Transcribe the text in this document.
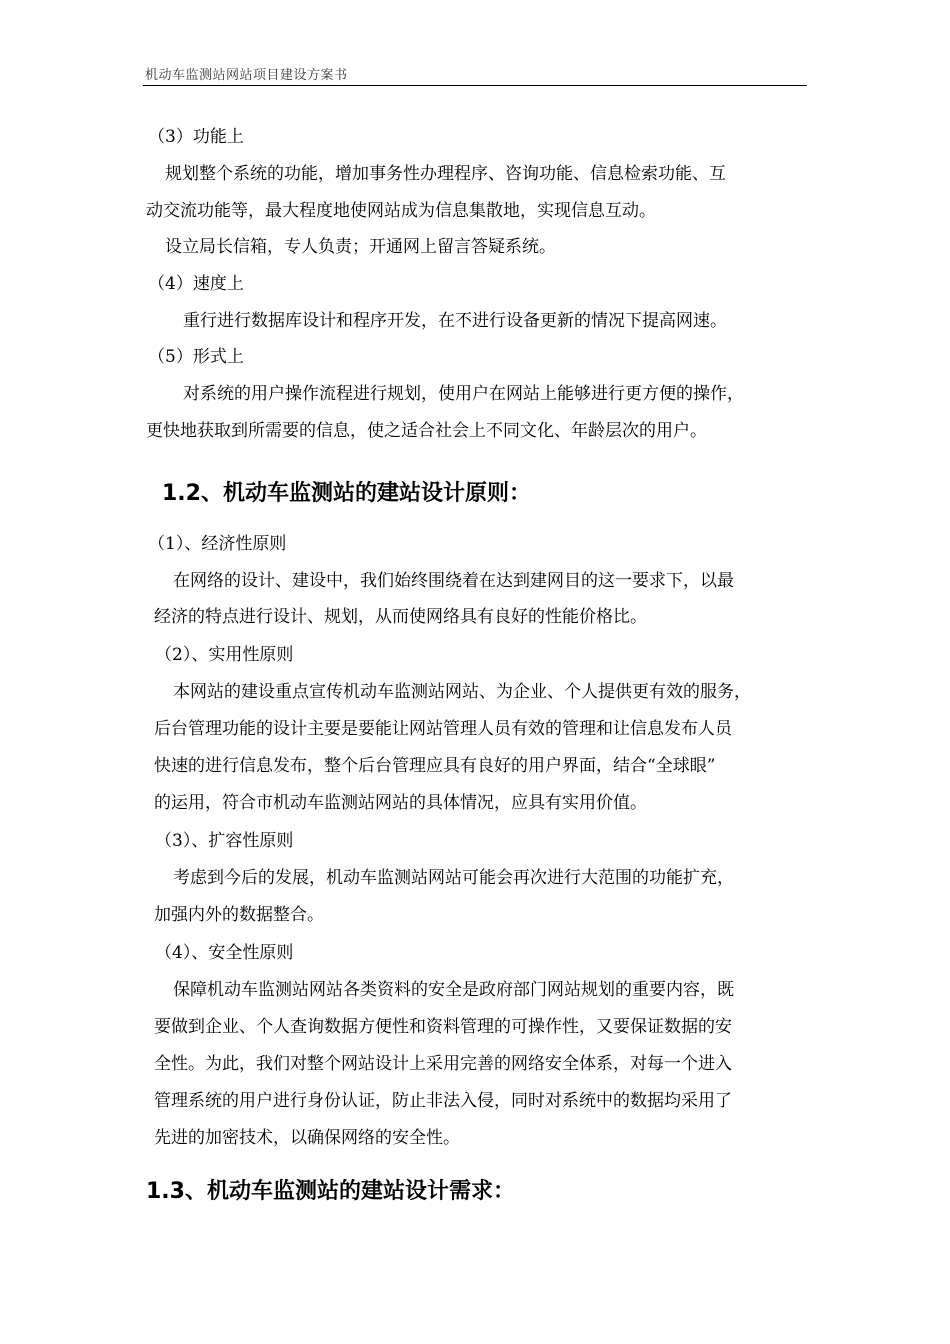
机动车监测站网站项目建设方案书
（3）功能上
规划整个系统的功能，增加事务性办理程序、咨询功能、信息检索功能、互
动交流功能等，最大程度地使网站成为信息集散地，实现信息互动。
设立局长信箱，专人负责；开通网上留言答疑系统。
（4）速度上
重行进行数据库设计和程序开发，在不进行设备更新的情况下提高网速。
（5）形式上
对系统的用户操作流程进行规划，使用户在网站上能够进行更方便的操作，
更快地获取到所需要的信息，使之适合社会上不同文化、年龄层次的用户。
1.2、机动车监测站的建站设计原则：
（1）、经济性原则
在网络的设计、建设中，我们始终围绕着在达到建网目的这一要求下，以最
经济的特点进行设计、规划，从而使网络具有良好的性能价格比。
（2）、实用性原则
本网站的建设重点宣传机动车监测站网站、为企业、个人提供更有效的服务，
后台管理功能的设计主要是要能让网站管理人员有效的管理和让信息发布人员
快速的进行信息发布，整个后台管理应具有良好的用户界面，结合“全球眼”
的运用，符合市机动车监测站网站的具体情况，应具有实用价值。
（3）、扩容性原则
考虑到今后的发展，机动车监测站网站可能会再次进行大范围的功能扩充，
加强内外的数据整合。
（4）、安全性原则
保障机动车监测站网站各类资料的安全是政府部门网站规划的重要内容，既
要做到企业、个人查询数据方便性和资料管理的可操作性，又要保证数据的安
全性。为此，我们对整个网站设计上采用完善的网络安全体系，对每一个进入
管理系统的用户进行身份认证，防止非法入侵，同时对系统中的数据均采用了
先进的加密技术，以确保网络的安全性。
1.3、机动车监测站的建站设计需求：
